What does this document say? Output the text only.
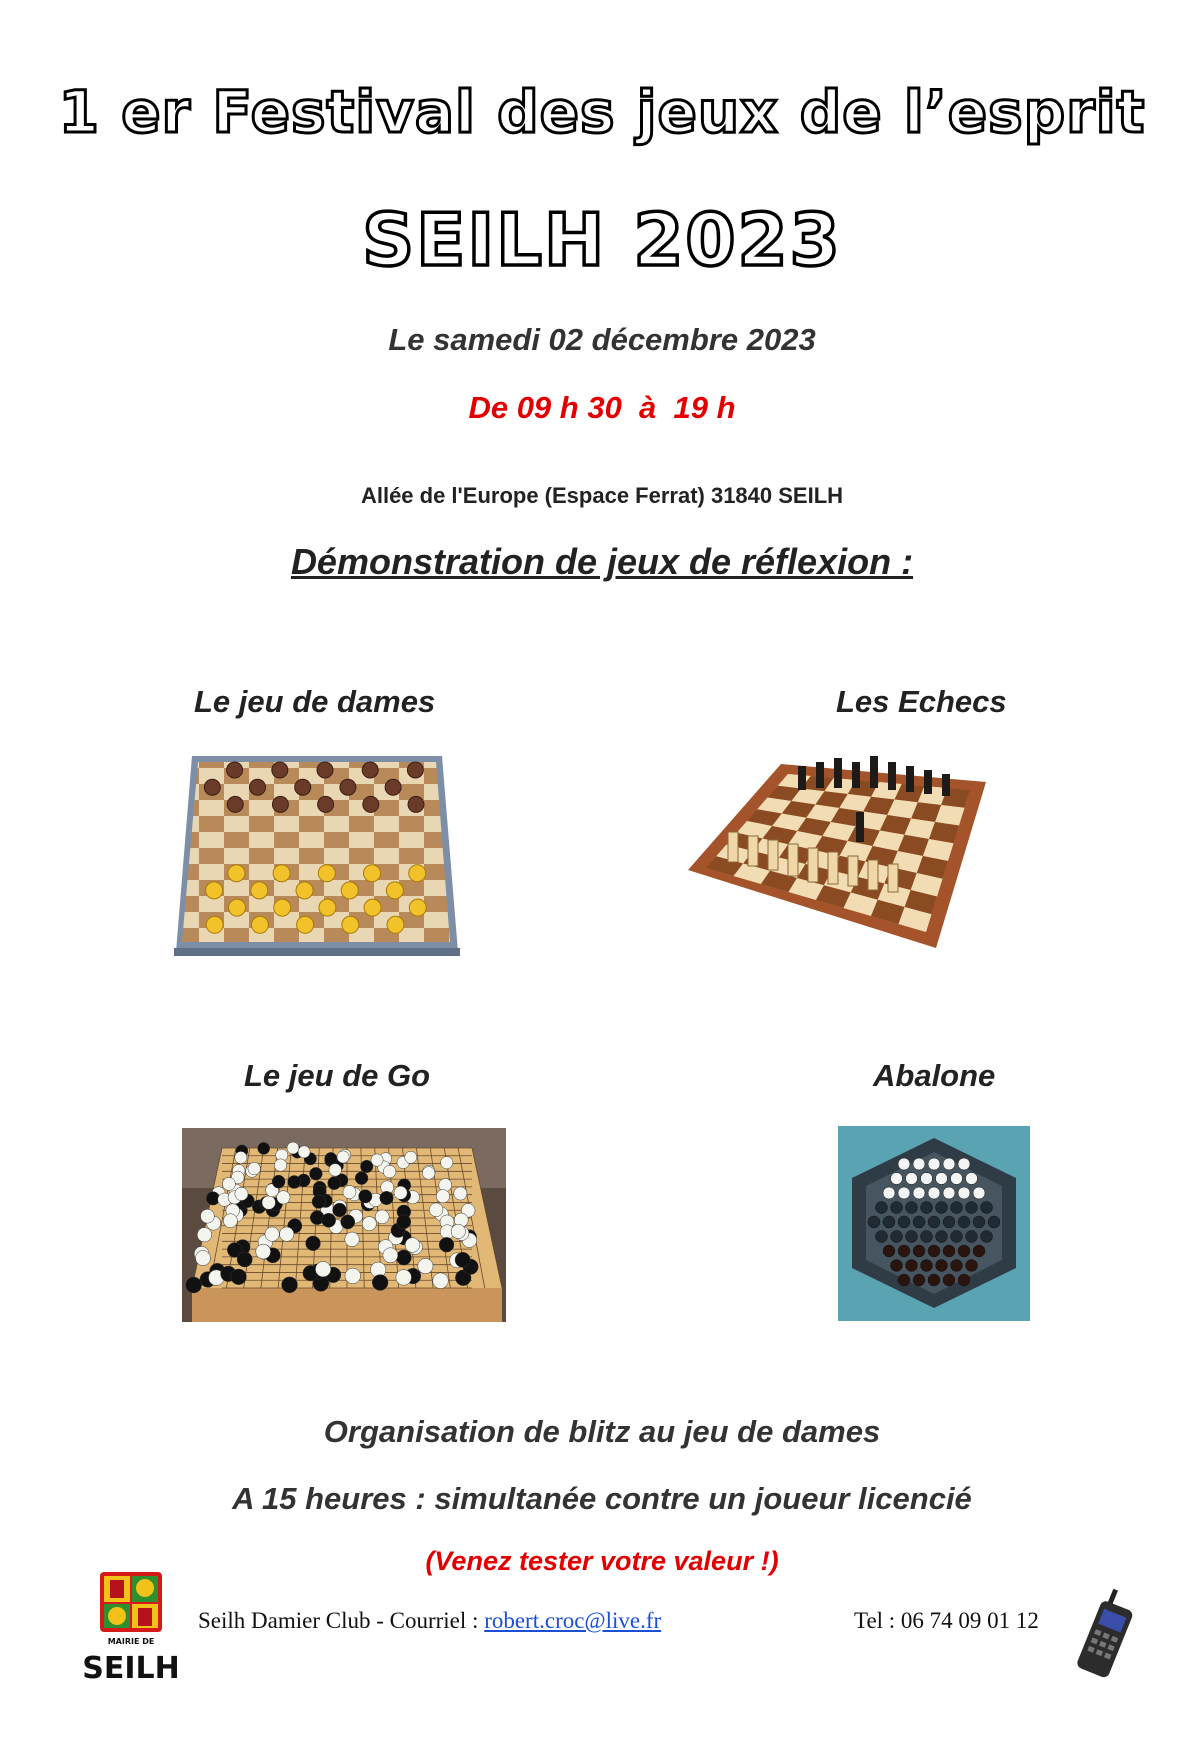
1 er Festival des jeux de l’esprit
SEILH 2023
Le samedi 02 décembre 2023
De 09 h 30  à  19 h
Allée de l'Europe (Espace Ferrat) 31840 SEILH
Démonstration de jeux de réflexion :
Le jeu de dames	Les Echecs
Le jeu de Go	Abalone
Organisation de blitz au jeu de dames
A 15 heures : simultanée contre un joueur licencié
(Venez tester votre valeur !)
MAIRIE DE
SEILH
Seilh Damier Club - Courriel : robert.croc@live.fr	Tel : 06 74 09 01 12
